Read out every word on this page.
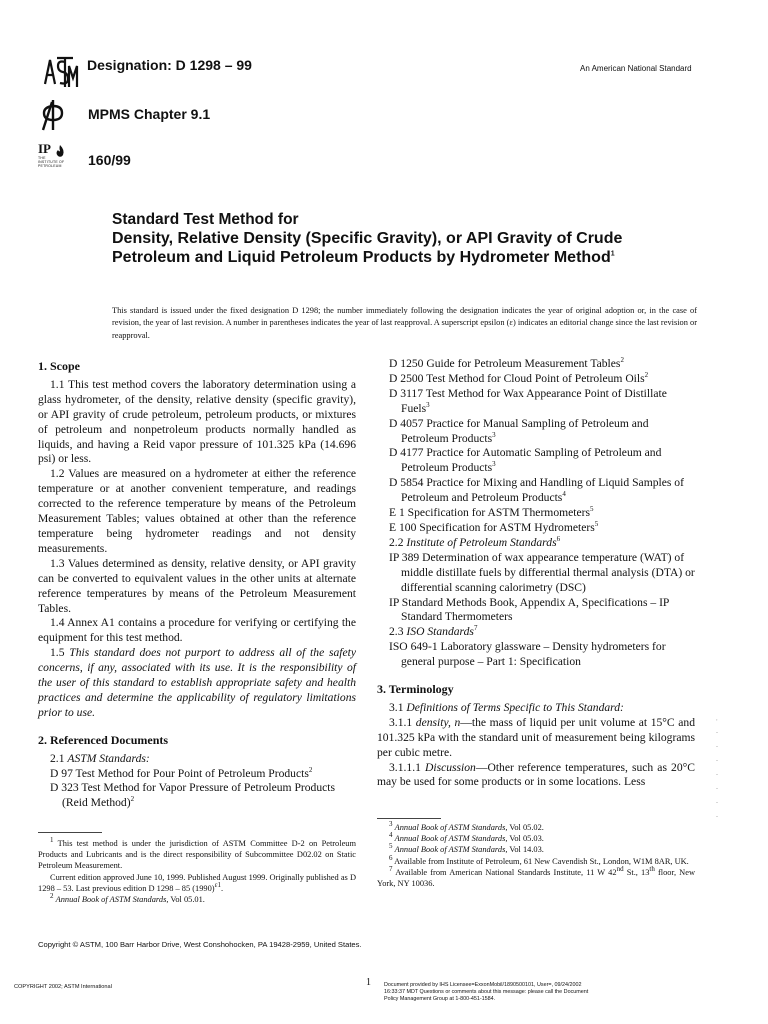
IP
THE INSTITUTE OF PETROLEUM
Designation: D 1298 – 99	An American National Standard
MPMS Chapter 9.1
160/99
Standard Test Method for
Density, Relative Density (Specific Gravity), or API Gravity of Crude Petroleum and Liquid Petroleum Products by Hydrometer Method$^1$
This standard is issued under the fixed designation D 1298; the number immediately following the designation indicates the year of original adoption or, in the case of revision, the year of last revision. A number in parentheses indicates the year of last reapproval. A superscript epsilon (ε) indicates an editorial change since the last revision or reapproval.
1. Scope

1.1 This test method covers the laboratory determination using a glass hydrometer, of the density, relative density (specific gravity), or API gravity of crude petroleum, petroleum products, or mixtures of petroleum and nonpetroleum products normally handled as liquids, and having a Reid vapor pressure of 101.325 kPa (14.696 psi) or less.

1.2 Values are measured on a hydrometer at either the reference temperature or at another convenient temperature, and readings corrected to the reference temperature by means of the Petroleum Measurement Tables; values obtained at other than the reference temperature being hydrometer readings and not density measurements.

1.3 Values determined as density, relative density, or API gravity can be converted to equivalent values in the other units at alternate reference temperatures by means of the Petroleum Measurement Tables.

1.4 Annex A1 contains a procedure for verifying or certifying the equipment for this test method.

1.5 This standard does not purport to address all of the safety concerns, if any, associated with its use. It is the responsibility of the user of this standard to establish appropriate safety and health practices and determine the applicability of regulatory limitations prior to use.

2. Referenced Documents
2.1 ASTM Standards:
D 97 Test Method for Pour Point of Petroleum Products$^2$
D 323 Test Method for Vapor Pressure of Petroleum Products (Reid Method)$^2$
D 1250 Guide for Petroleum Measurement Tables$^2$
D 2500 Test Method for Cloud Point of Petroleum Oils$^2$
D 3117 Test Method for Wax Appearance Point of Distillate Fuels$^3$
D 4057 Practice for Manual Sampling of Petroleum and Petroleum Products$^3$
D 4177 Practice for Automatic Sampling of Petroleum and Petroleum Products$^3$
D 5854 Practice for Mixing and Handling of Liquid Samples of Petroleum and Petroleum Products$^4$
E 1 Specification for ASTM Thermometers$^5$
E 100 Specification for ASTM Hydrometers$^5$
2.2 Institute of Petroleum Standards$^6$
IP 389 Determination of wax appearance temperature (WAT) of middle distillate fuels by differential thermal analysis (DTA) or differential scanning calorimetry (DSC)
IP Standard Methods Book, Appendix A, Specifications – IP Standard Thermometers
2.3 ISO Standards$^7$
ISO 649-1 Laboratory glassware – Density hydrometers for general purpose – Part 1: Specification
3. Terminology
3.1 Definitions of Terms Specific to This Standard:

3.1.1 density, n—the mass of liquid per unit volume at 15°C and 101.325 kPa with the standard unit of measurement being kilograms per cubic metre.

3.1.1.1 Discussion—Other reference temperatures, such as 20°C may be used for some products or in some locations. Less

,
-
-
-
-
-
-
-
$^1$ This test method is under the jurisdiction of ASTM Committee D-2 on Petroleum Products and Lubricants and is the direct responsibility of Subcommittee D02.02 on Static Petroleum Measurement.
Current edition approved June 10, 1999. Published August 1999. Originally published as D 1298 – 53. Last previous edition D 1298 – 85 $(1990)^{\varepsilon 1}$.
$^2$ Annual Book of ASTM Standards, Vol 05.01.
$^3$ Annual Book of ASTM Standards, Vol 05.02.
$^4$ Annual Book of ASTM Standards, Vol 05.03.
$^5$ Annual Book of ASTM Standards, Vol 14.03.
$^6$ Available from Institute of Petroleum, 61 New Cavendish St., London, W1M 8AR, UK.
$^7$ Available from American National Standards Institute, 11 W 42nd St., 13th floor, New York, NY 10036.
Copyright © ASTM, 100 Barr Harbor Drive, West Conshohocken, PA 19428-2959, United States.
1
COPYRIGHT 2002; ASTM International	Document provided by IHS Licensee=ExxonMobil/1890500101, User=, 09/24/2002
16:33:37 MDT Questions or comments about this message: please call the Document
Policy Management Group at 1-800-451-1584.
